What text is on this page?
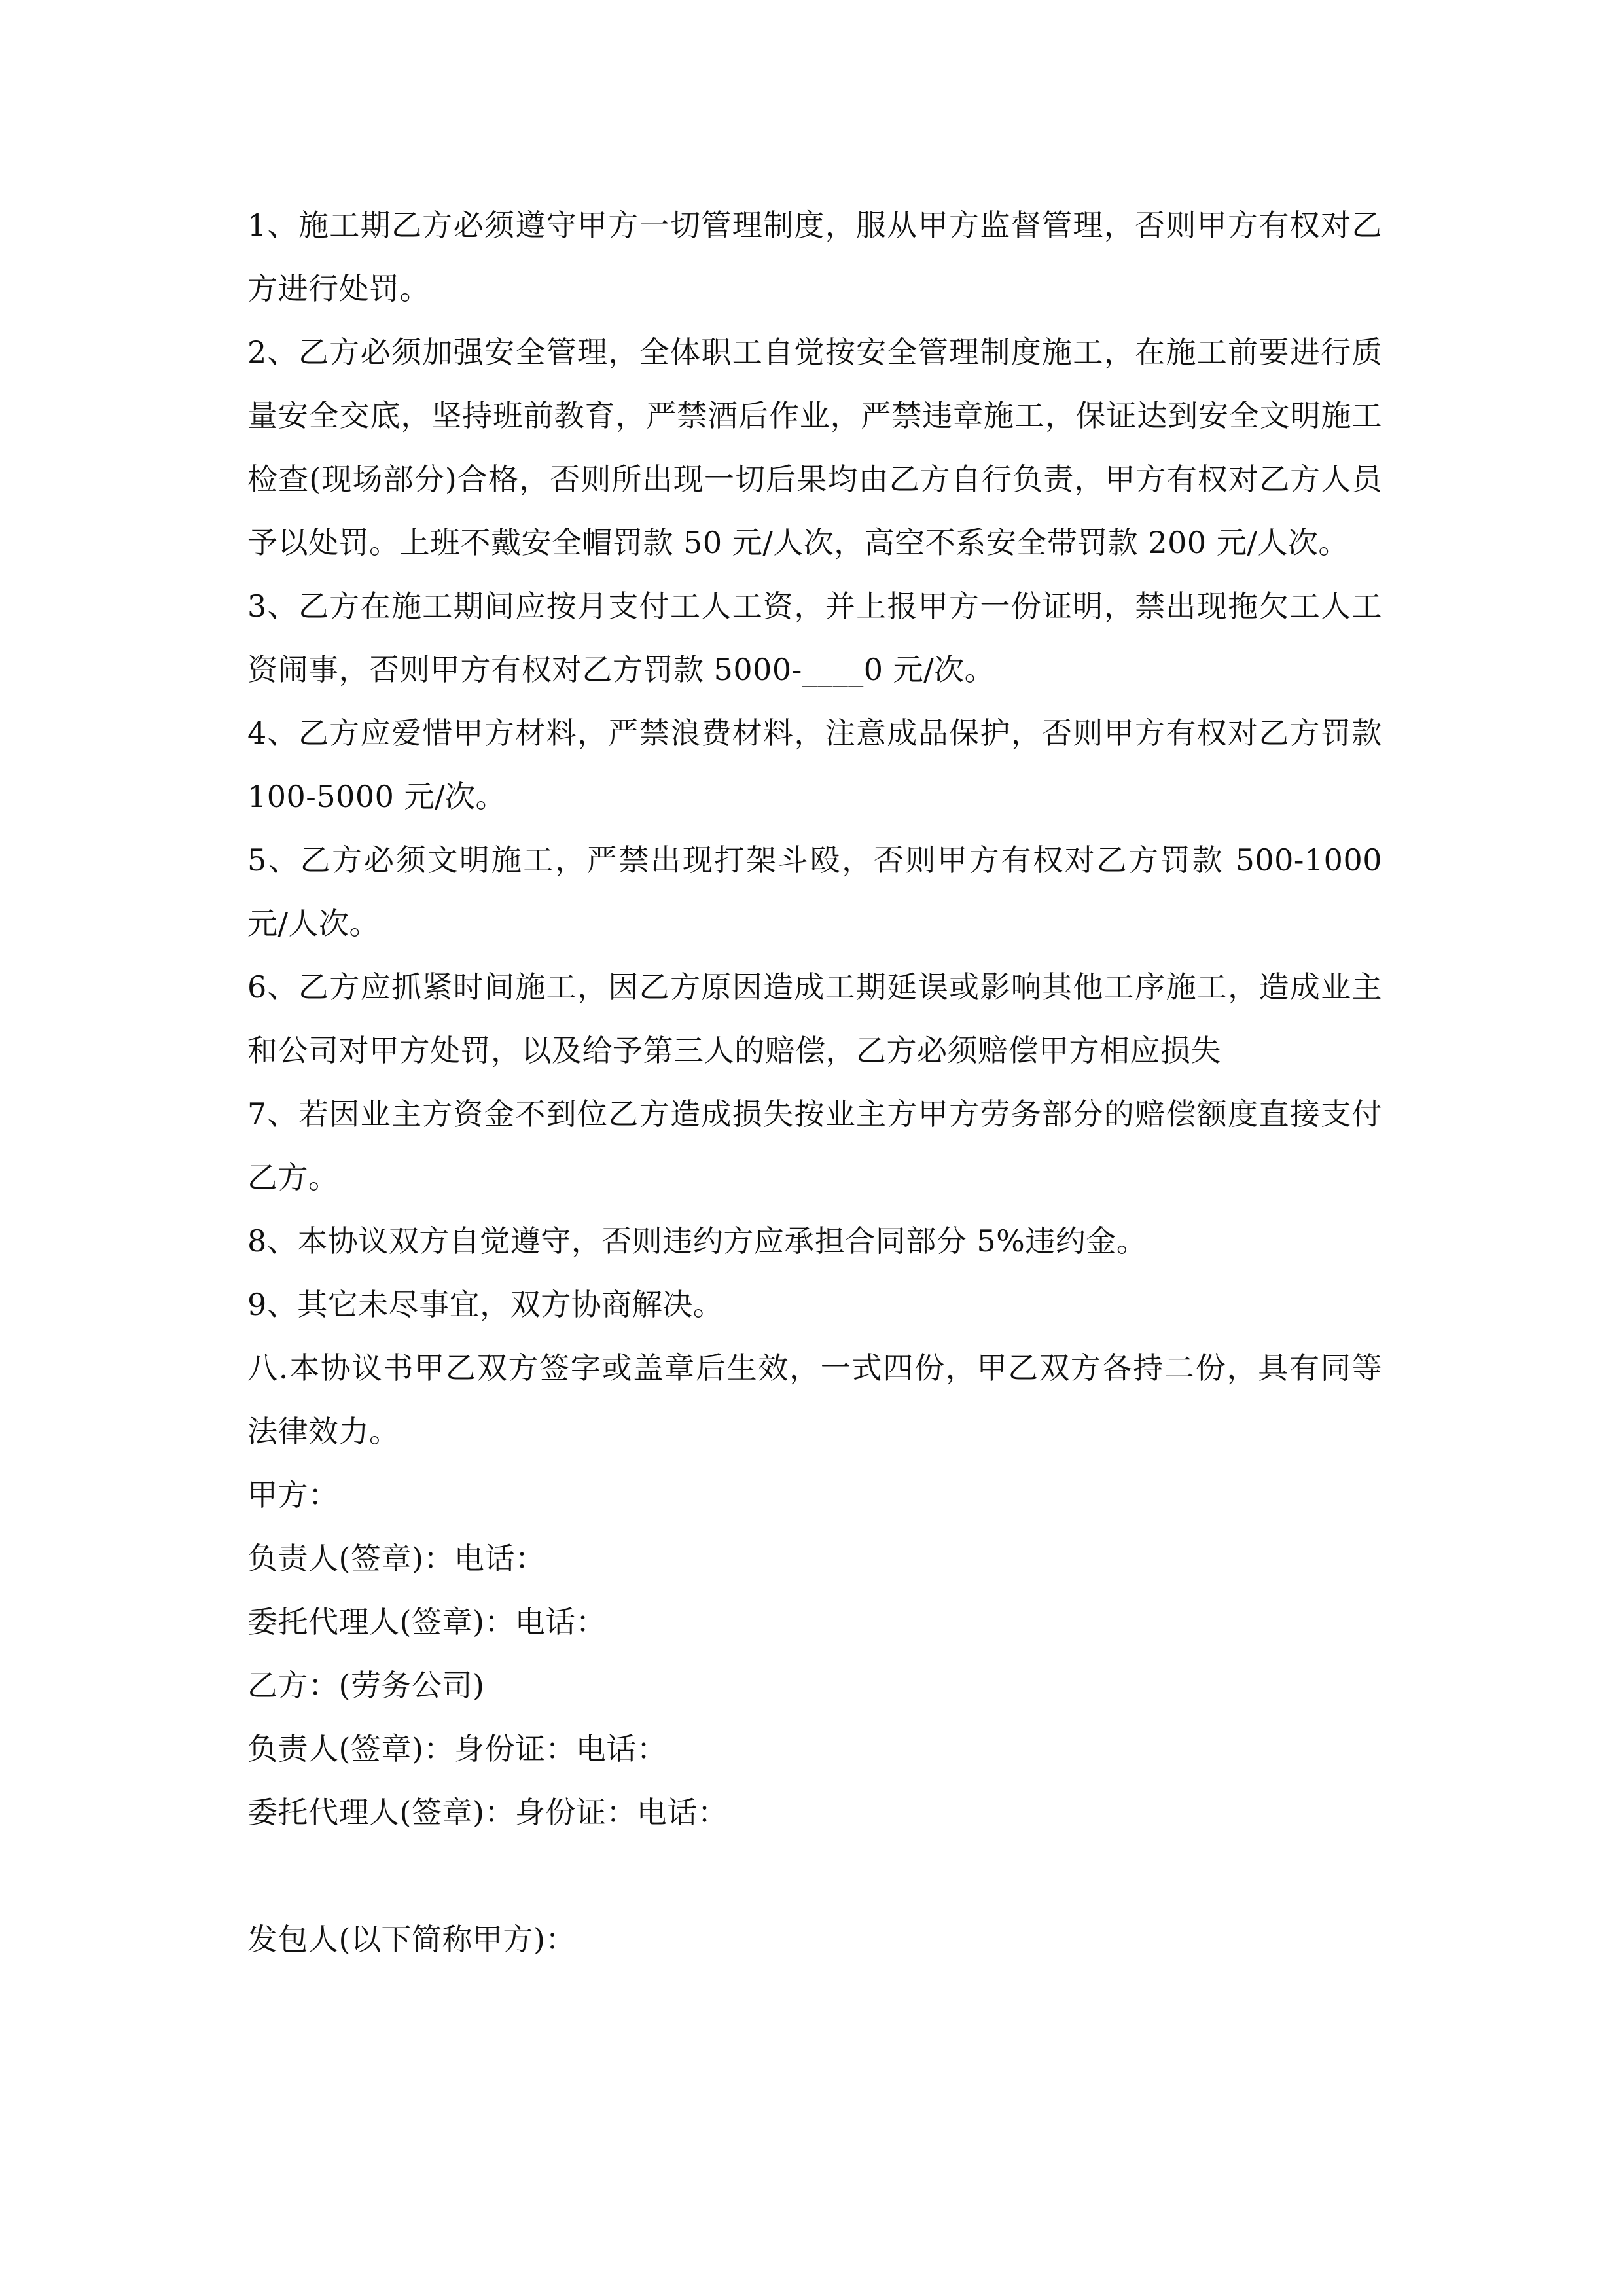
1、施工期乙方必须遵守甲方一切管理制度，服从甲方监督管理，否则甲方有权对乙方进行处罚。

2、乙方必须加强安全管理，全体职工自觉按安全管理制度施工，在施工前要进行质量安全交底，坚持班前教育，严禁酒后作业，严禁违章施工，保证达到安全文明施工检查(现场部分)合格，否则所出现一切后果均由乙方自行负责，甲方有权对乙方人员予以处罚。上班不戴安全帽罚款 50 元/人次，高空不系安全带罚款 200 元/人次。

3、乙方在施工期间应按月支付工人工资，并上报甲方一份证明，禁出现拖欠工人工资闹事，否则甲方有权对乙方罚款 5000-____0 元/次。

4、乙方应爱惜甲方材料，严禁浪费材料，注意成品保护，否则甲方有权对乙方罚款 100-5000 元/次。

5、乙方必须文明施工，严禁出现打架斗殴，否则甲方有权对乙方罚款 500-1000 元/人次。

6、乙方应抓紧时间施工，因乙方原因造成工期延误或影响其他工序施工，造成业主和公司对甲方处罚，以及给予第三人的赔偿，乙方必须赔偿甲方相应损失

7、若因业主方资金不到位乙方造成损失按业主方甲方劳务部分的赔偿额度直接支付乙方。

8、本协议双方自觉遵守，否则违约方应承担合同部分 5%违约金。

9、其它未尽事宜，双方协商解决。

八.本协议书甲乙双方签字或盖章后生效，一式四份，甲乙双方各持二份，具有同等法律效力。

甲方：

负责人(签章)：电话：

委托代理人(签章)：电话：

乙方：(劳务公司)

负责人(签章)：身份证：电话：

委托代理人(签章)：身份证：电话：

发包人(以下简称甲方)：
